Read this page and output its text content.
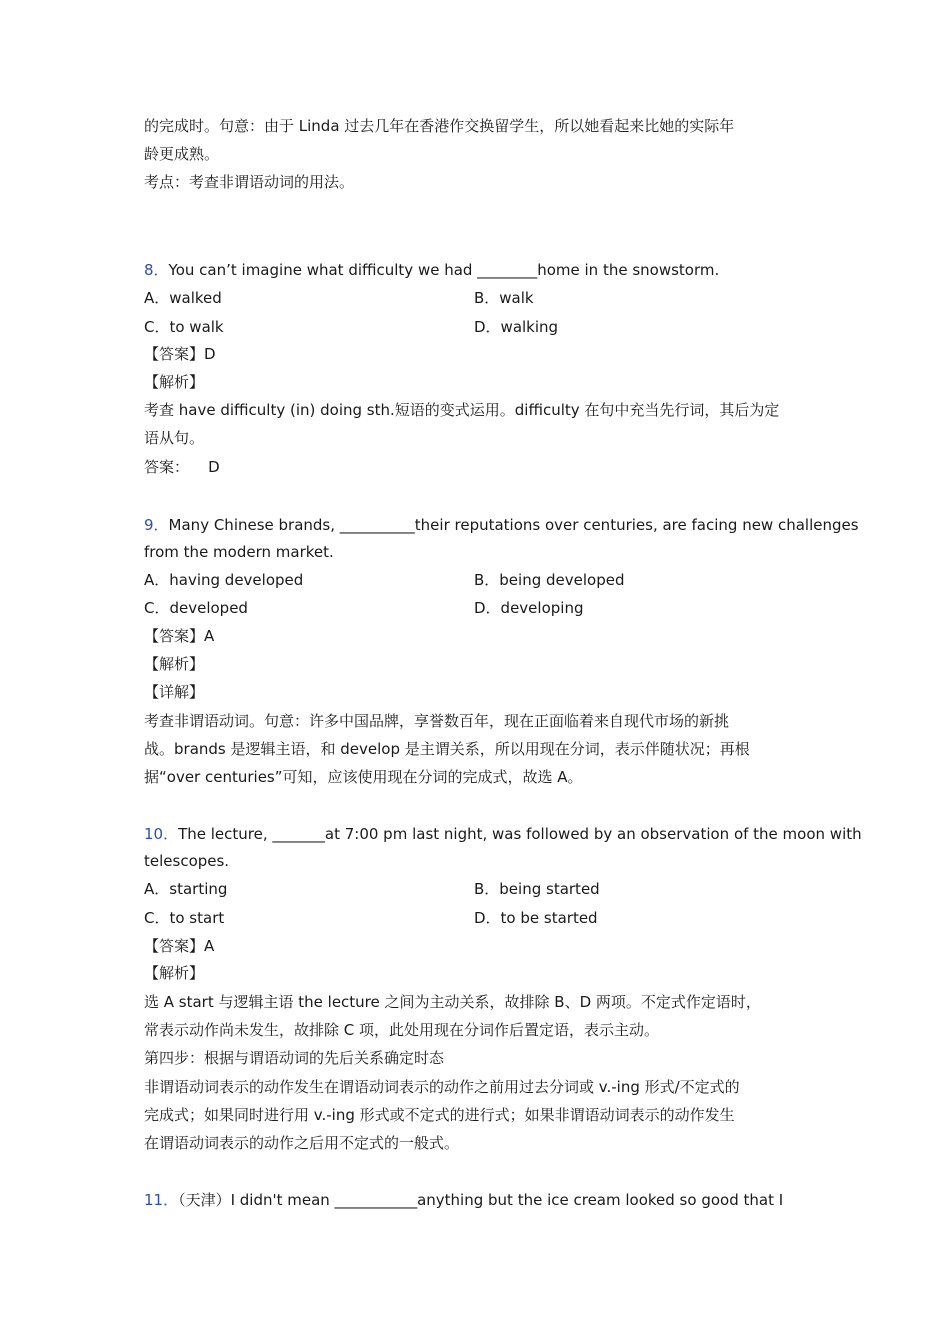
的完成时。句意：由于 Linda 过去几年在香港作交换留学生，所以她看起来比她的实际年
龄更成熟。
考点：考查非谓语动词的用法。
8．You can’t imagine what difficulty we had ________home in the snowstorm.
A．walked	B．walk
C．to walk	D．walking
【答案】D
【解析】
考查 have difficulty (in) doing sth.短语的变式运用。difficulty 在句中充当先行词，其后为定
语从句。
答案：    D
9．Many Chinese brands, __________their reputations over centuries, are facing new challenges
from the modern market.
A．having developed	B．being developed
C．developed	D．developing
【答案】A
【解析】
【详解】
考查非谓语动词。句意：许多中国品牌，享誉数百年，现在正面临着来自现代市场的新挑
战。brands 是逻辑主语，和 develop 是主谓关系，所以用现在分词，表示伴随状况；再根
据“over centuries”可知，应该使用现在分词的完成式，故选 A。
10．The lecture, _______at 7:00 pm last night, was followed by an observation of the moon with
telescopes.
A．starting	B．being started
C．to start	D．to be started
【答案】A
【解析】
选 A start 与逻辑主语 the lecture 之间为主动关系，故排除 B、D 两项。不定式作定语时，
常表示动作尚未发生，故排除 C 项，此处用现在分词作后置定语，表示主动。
第四步：根据与谓语动词的先后关系确定时态
非谓语动词表示的动作发生在谓语动词表示的动作之前用过去分词或 v.-ing 形式/不定式的
完成式；如果同时进行用 v.-ing 形式或不定式的进行式；如果非谓语动词表示的动作发生
在谓语动词表示的动作之后用不定式的一般式。
11．（天津）I didn't mean ___________anything but the ice cream looked so good that I
